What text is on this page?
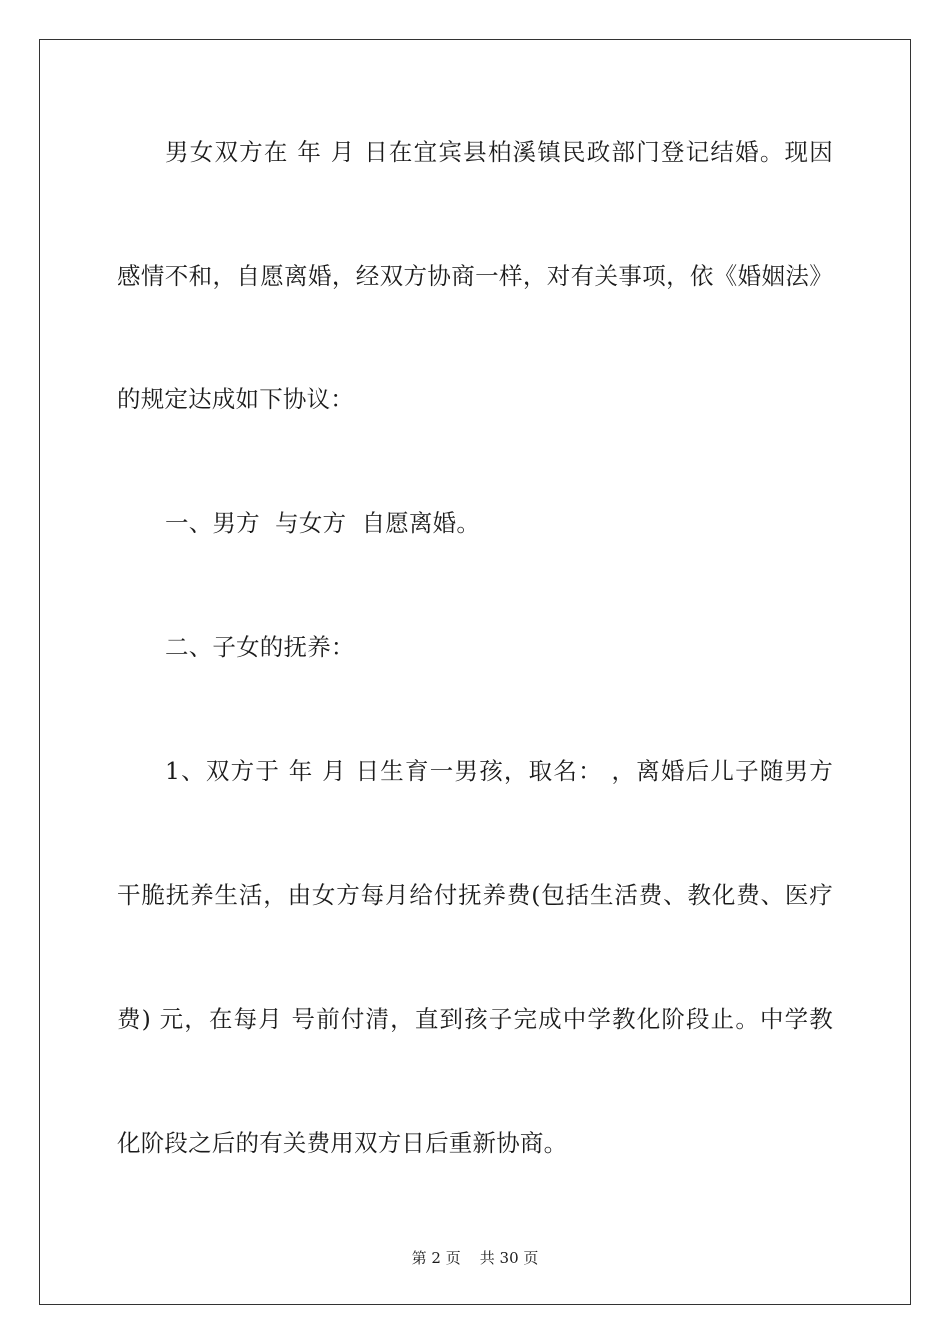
男女双方在 年 月 日在宜宾县柏溪镇民政部门登记结婚。现因
感情不和，自愿离婚，经双方协商一样，对有关事项，依《婚姻法》
的规定达成如下协议：
一、男方  与女方  自愿离婚。
二、子女的抚养：
1、双方于 年 月 日生育一男孩，取名： ，离婚后儿子随男方
干脆抚养生活，由女方每月给付抚养费(包括生活费、教化费、医疗
费) 元，在每月 号前付清，直到孩子完成中学教化阶段止。中学教
化阶段之后的有关费用双方日后重新协商。
第 2 页    共 30 页
